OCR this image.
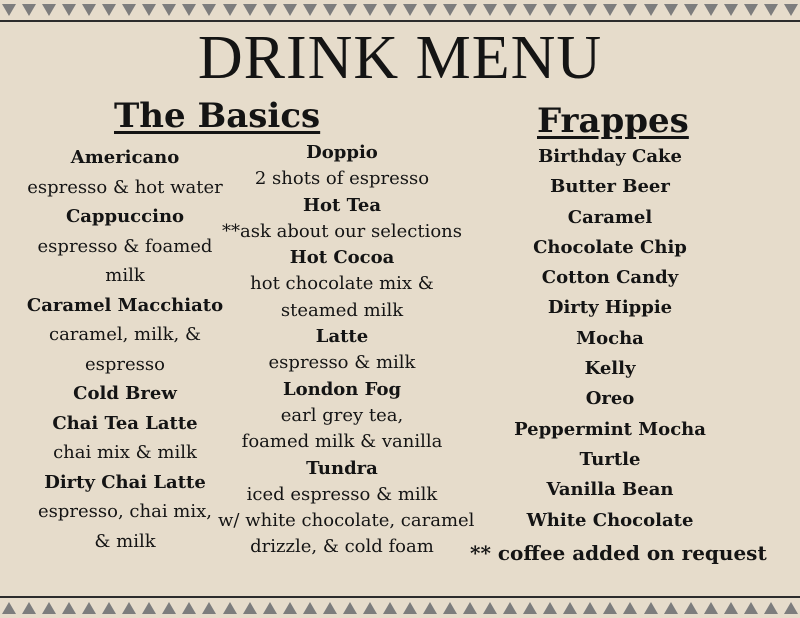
DRINK MENU
The Basics	Frappes
Americano
espresso & hot water
Cappuccino
espresso & foamed
milk
Caramel Macchiato
caramel, milk, &
espresso
Cold Brew
Chai Tea Latte
chai mix & milk
Dirty Chai Latte
espresso, chai mix,
& milk
Doppio
2 shots of espresso
Hot Tea
**ask about our selections
Hot Cocoa
hot chocolate mix &
steamed milk
Latte
espresso & milk
London Fog
earl grey tea,
foamed milk & vanilla
Tundra
iced espresso & milk
w/ white chocolate, caramel
drizzle, & cold foam
Birthday Cake
Butter Beer
Caramel
Chocolate Chip
Cotton Candy
Dirty Hippie
Mocha
Kelly
Oreo
Peppermint Mocha
Turtle
Vanilla Bean
White Chocolate
** coffee added on request
